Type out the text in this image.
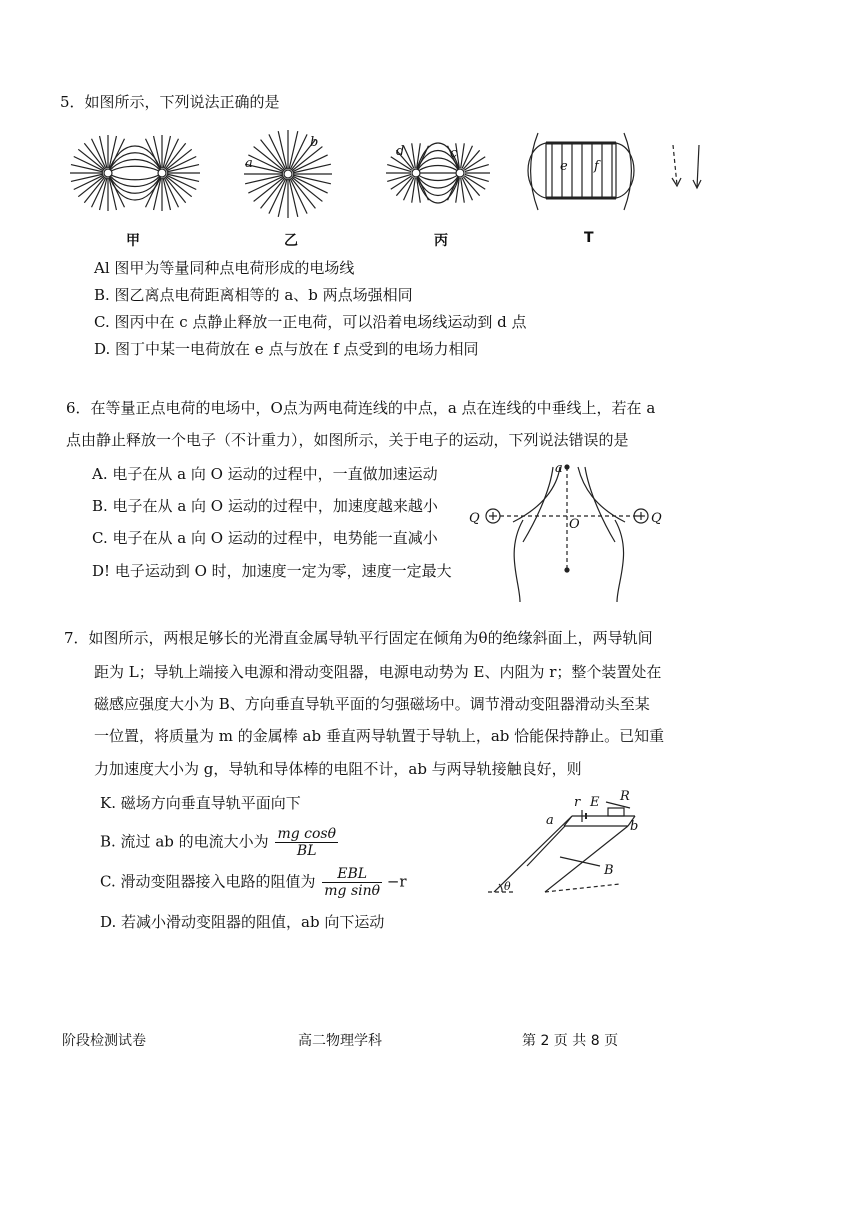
5．如图所示，下列说法正确的是
a
b
d	c
e f
甲	乙	丙	T
Al 图甲为等量同种点电荷形成的电场线
B. 图乙离点电荷距离相等的 a、b 两点场强相同
C. 图丙中在 c 点静止释放一正电荷，可以沿着电场线运动到 d 点
D. 图丁中某一电荷放在 e 点与放在 f 点受到的电场力相同
6．在等量正点电荷的电场中，O点为两电荷连线的中点，a 点在连线的中垂线上，若在 a
点由静止释放一个电子（不计重力），如图所示，关于电子的运动，下列说法错误的是
A. 电子在从 a 向 O 运动的过程中，一直做加速运动
B. 电子在从 a 向 O 运动的过程中，加速度越来越小
C. 电子在从 a 向 O 运动的过程中，电势能一直减小
D! 电子运动到 O 时，加速度一定为零，速度一定最大
Q	Q
O
a
7．如图所示，两根足够长的光滑直金属导轨平行固定在倾角为θ的绝缘斜面上，两导轨间
距为 L；导轨上端接入电源和滑动变阻器，电源电动势为 E、内阻为 r；整个装置处在
磁感应强度大小为 B、方向垂直导轨平面的匀强磁场中。调节滑动变阻器滑动头至某
一位置，将质量为 m 的金属棒 ab 垂直两导轨置于导轨上，ab 恰能保持静止。已知重
力加速度大小为 g，导轨和导体棒的电阻不计，ab 与两导轨接触良好，则
K. 磁场方向垂直导轨平面向下
B. 流过 ab 的电流大小为 $\frac{\text{mg cosθ}}{BL}$
C. 滑动变阻器接入电路的阻值为 $\frac{\text{EBL}}{\text{mg sinθ}} -r$
D. 若减小滑动变阻器的阻值，ab 向下运动
r E R
a	b
B
θ
阶段检测试卷	高二物理学科	第 2 页 共 8 页
